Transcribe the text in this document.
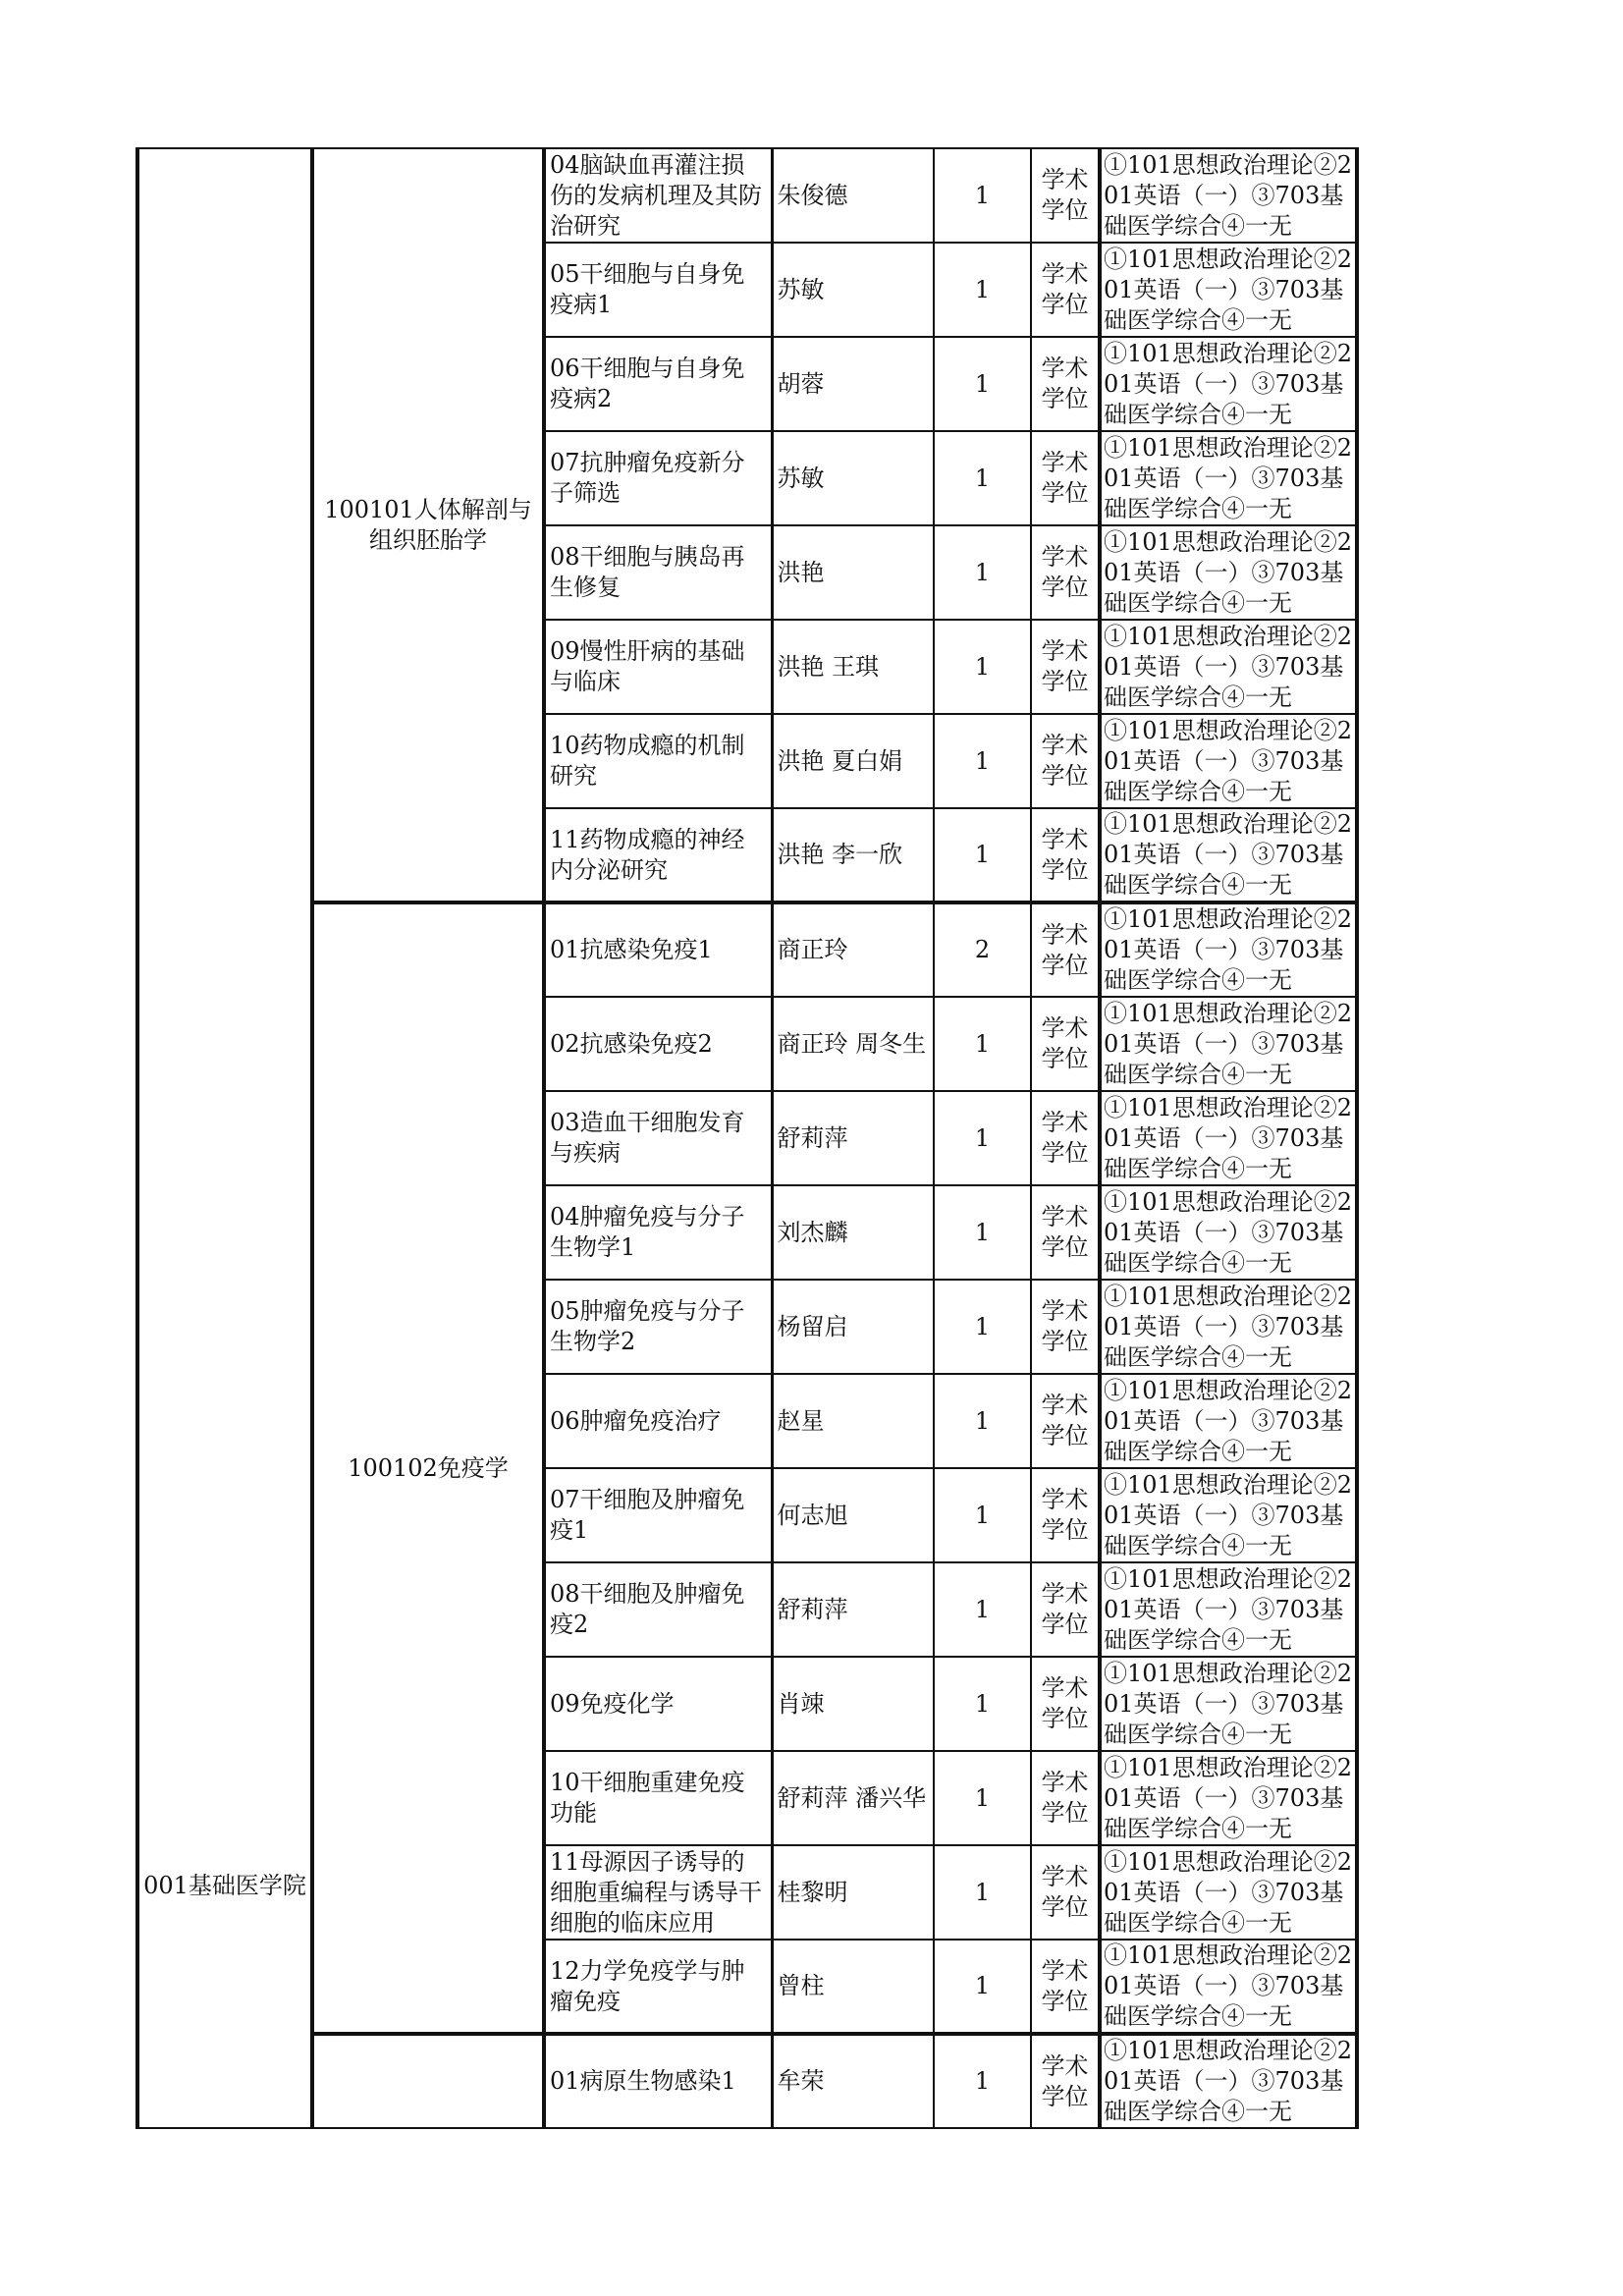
001基础医学院	100101人体解剖与组织胚胎学	04脑缺血再灌注损伤的发病机理及其防治研究	朱俊德	1	学术学位	①101思想政治理论②201英语（一）③703基础医学综合④一无

		05干细胞与自身免疫病1	苏敏	1	学术学位	①101思想政治理论②201英语（一）③703基础医学综合④一无

		06干细胞与自身免疫病2	胡蓉	1	学术学位	①101思想政治理论②201英语（一）③703基础医学综合④一无

		07抗肿瘤免疫新分子筛选	苏敏	1	学术学位	①101思想政治理论②201英语（一）③703基础医学综合④一无

		08干细胞与胰岛再生修复	洪艳	1	学术学位	①101思想政治理论②201英语（一）③703基础医学综合④一无

		09慢性肝病的基础与临床	洪艳 王琪	1	学术学位	①101思想政治理论②201英语（一）③703基础医学综合④一无

		10药物成瘾的机制研究	洪艳 夏白娟	1	学术学位	①101思想政治理论②201英语（一）③703基础医学综合④一无

		11药物成瘾的神经内分泌研究	洪艳 李一欣	1	学术学位	①101思想政治理论②201英语（一）③703基础医学综合④一无

	100102免疫学	01抗感染免疫1	商正玲	2	学术学位	①101思想政治理论②201英语（一）③703基础医学综合④一无

		02抗感染免疫2	商正玲 周冬生	1	学术学位	①101思想政治理论②201英语（一）③703基础医学综合④一无

		03造血干细胞发育与疾病	舒莉萍	1	学术学位	①101思想政治理论②201英语（一）③703基础医学综合④一无

		04肿瘤免疫与分子生物学1	刘杰麟	1	学术学位	①101思想政治理论②201英语（一）③703基础医学综合④一无

		05肿瘤免疫与分子生物学2	杨留启	1	学术学位	①101思想政治理论②201英语（一）③703基础医学综合④一无

		06肿瘤免疫治疗	赵星	1	学术学位	①101思想政治理论②201英语（一）③703基础医学综合④一无

		07干细胞及肿瘤免疫1	何志旭	1	学术学位	①101思想政治理论②201英语（一）③703基础医学综合④一无

		08干细胞及肿瘤免疫2	舒莉萍	1	学术学位	①101思想政治理论②201英语（一）③703基础医学综合④一无

		09免疫化学	肖竦	1	学术学位	①101思想政治理论②201英语（一）③703基础医学综合④一无

		10干细胞重建免疫功能	舒莉萍 潘兴华	1	学术学位	①101思想政治理论②201英语（一）③703基础医学综合④一无

		11母源因子诱导的细胞重编程与诱导干细胞的临床应用	桂黎明	1	学术学位	①101思想政治理论②201英语（一）③703基础医学综合④一无

		12力学免疫学与肿瘤免疫	曾柱	1	学术学位	①101思想政治理论②201英语（一）③703基础医学综合④一无

		01病原生物感染1	牟荣	1	学术学位	①101思想政治理论②201英语（一）③703基础医学综合④一无
